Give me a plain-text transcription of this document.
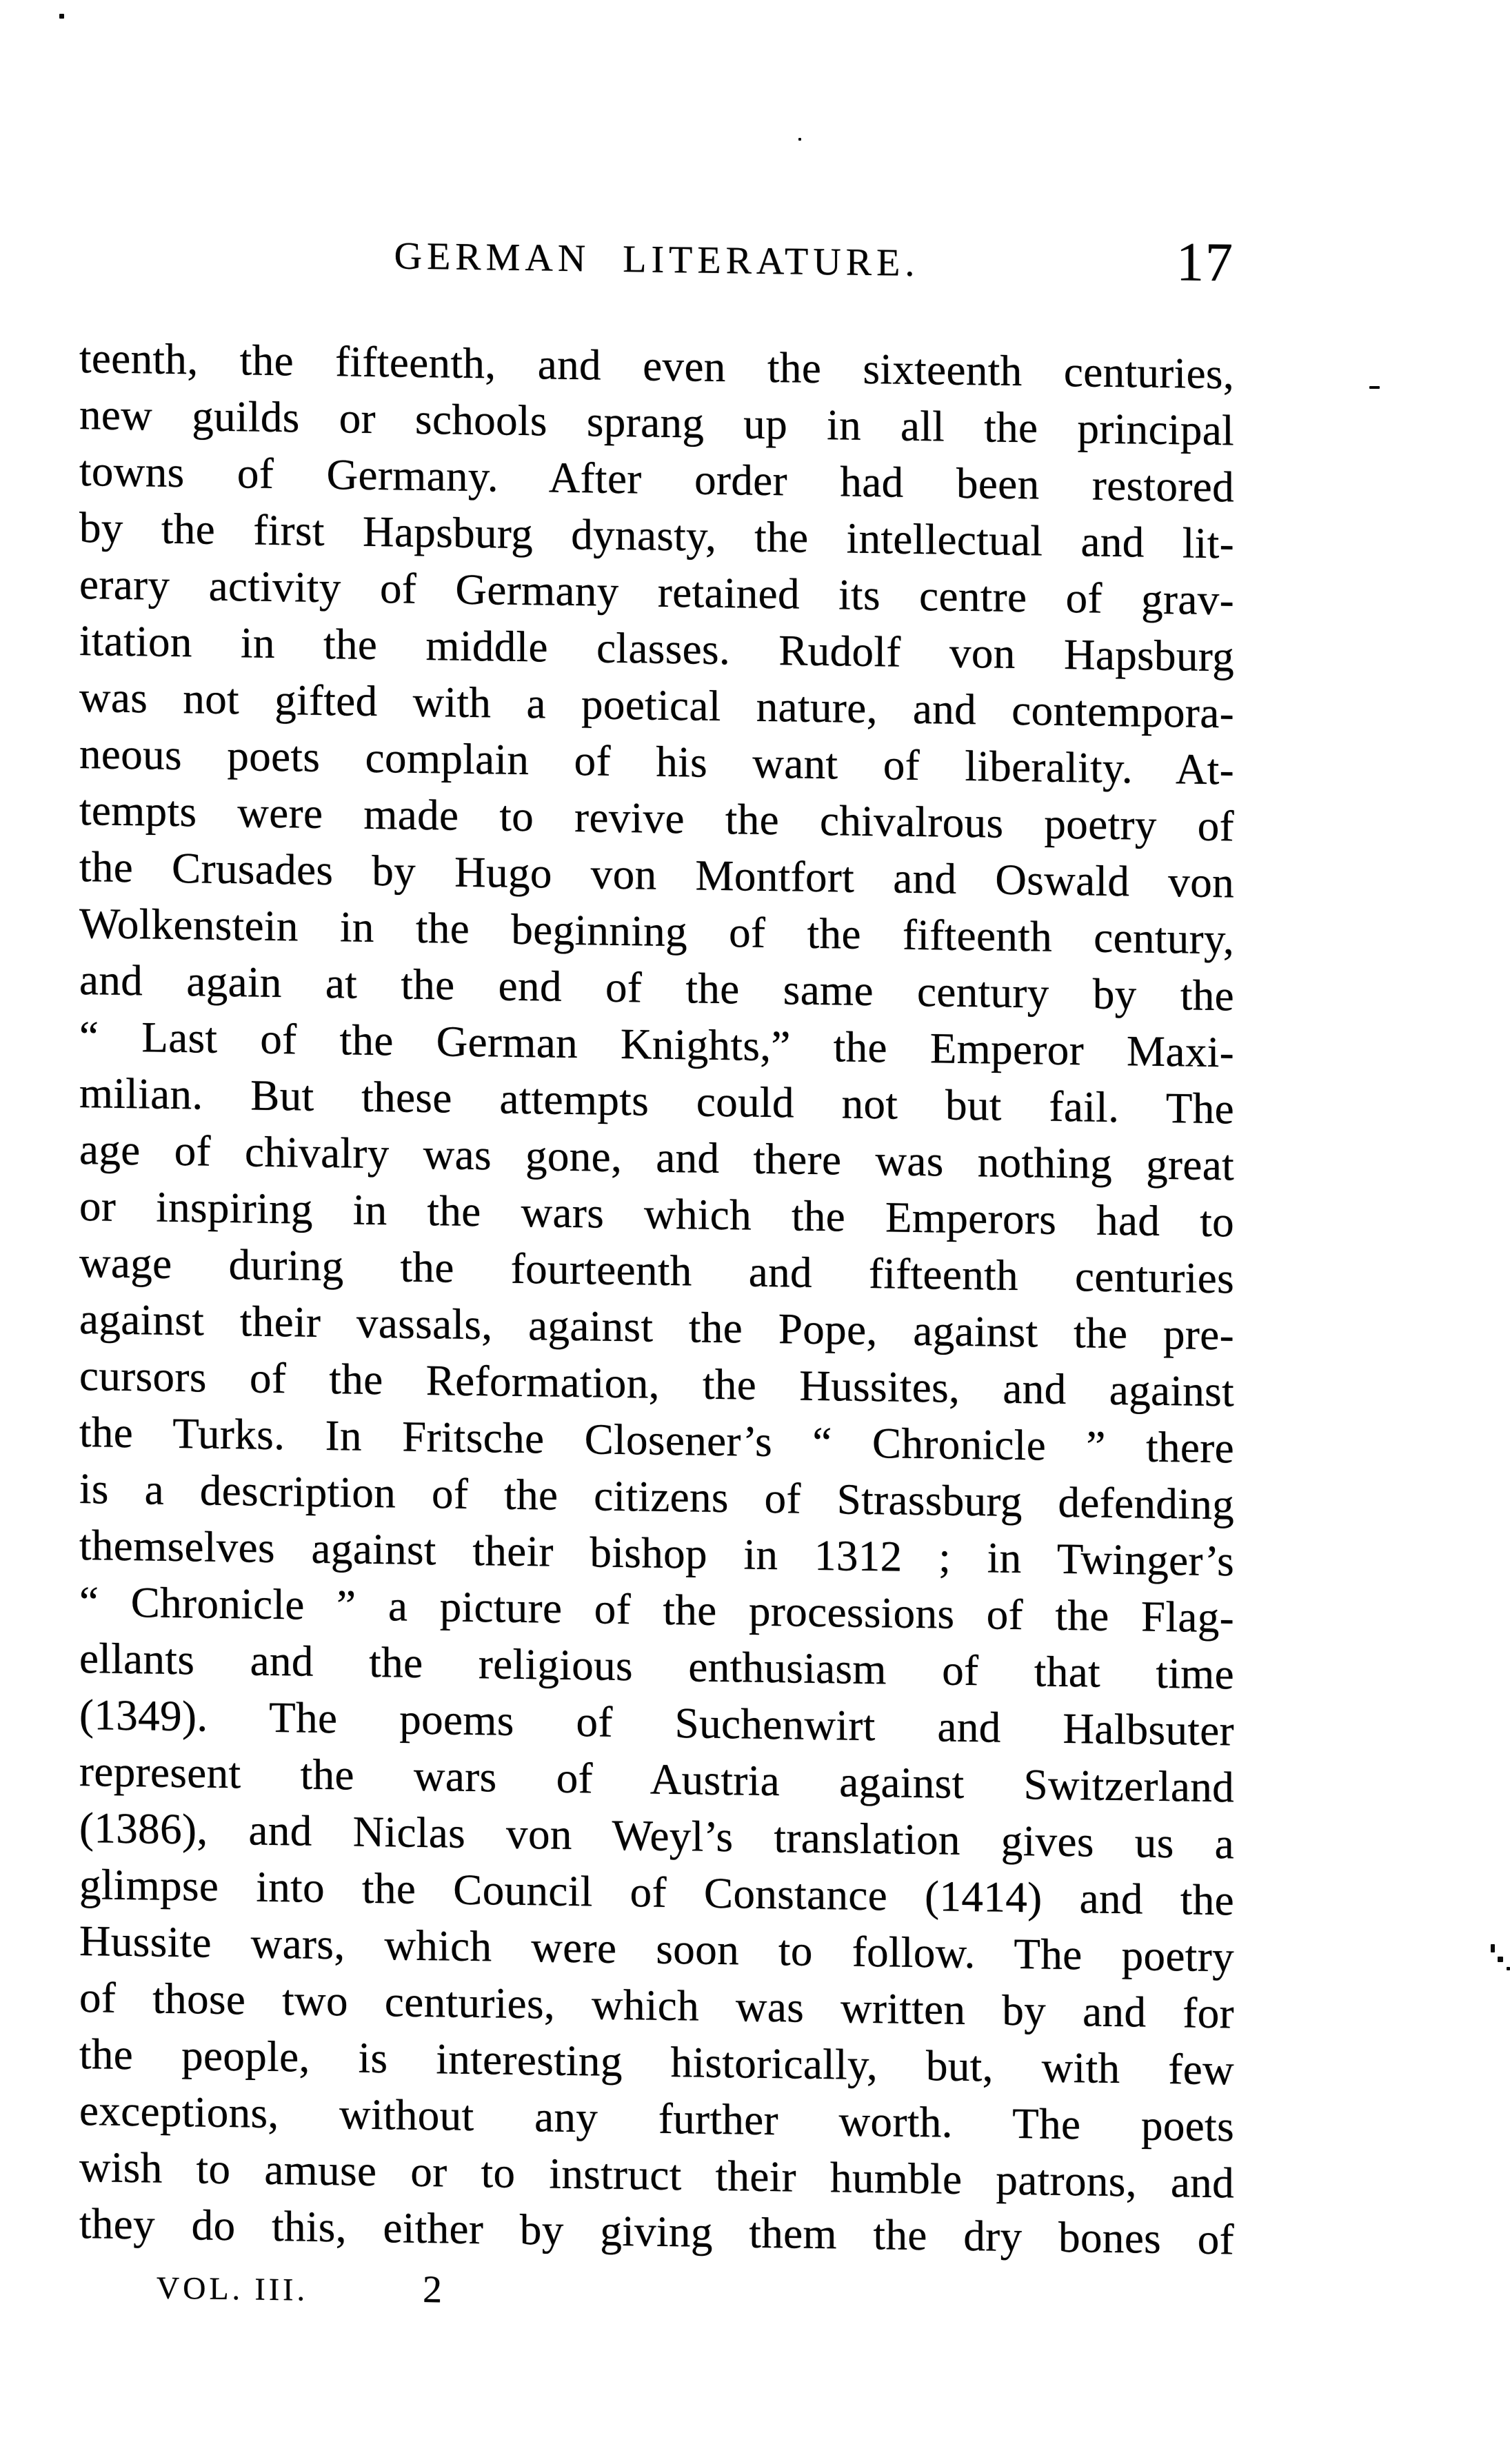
GERMAN LITERATURE.	17
teenth, the fifteenth, and even the sixteenth centuries,
new guilds or schools sprang up in all the principal
towns of Germany. After order had been restored
by the first Hapsburg dynasty, the intellectual and lit-
erary activity of Germany retained its centre of grav-
itation in the middle classes. Rudolf von Hapsburg
was not gifted with a poetical nature, and contempora-
neous poets complain of his want of liberality. At-
tempts were made to revive the chivalrous poetry of
the Crusades by Hugo von Montfort and Oswald von
Wolkenstein in the beginning of the fifteenth century,
and again at the end of the same century by the
“ Last of the German Knights,” the Emperor Maxi-
milian. But these attempts could not but fail. The
age of chivalry was gone, and there was nothing great
or inspiring in the wars which the Emperors had to
wage during the fourteenth and fifteenth centuries
against their vassals, against the Pope, against the pre-
cursors of the Reformation, the Hussites, and against
the Turks. In Fritsche Closener’s “ Chronicle ” there
is a description of the citizens of Strassburg defending
themselves against their bishop in 1312 ; in Twinger’s
“ Chronicle ” a picture of the processions of the Flag-
ellants and the religious enthusiasm of that time
(1349). The poems of Suchenwirt and Halbsuter
represent the wars of Austria against Switzerland
(1386), and Niclas von Weyl’s translation gives us a
glimpse into the Council of Constance (1414) and the
Hussite wars, which were soon to follow. The poetry
of those two centuries, which was written by and for
the people, is interesting historically, but, with few
exceptions, without any further worth. The poets
wish to amuse or to instruct their humble patrons, and
they do this, either by giving them the dry bones of
VOL. III.	2
